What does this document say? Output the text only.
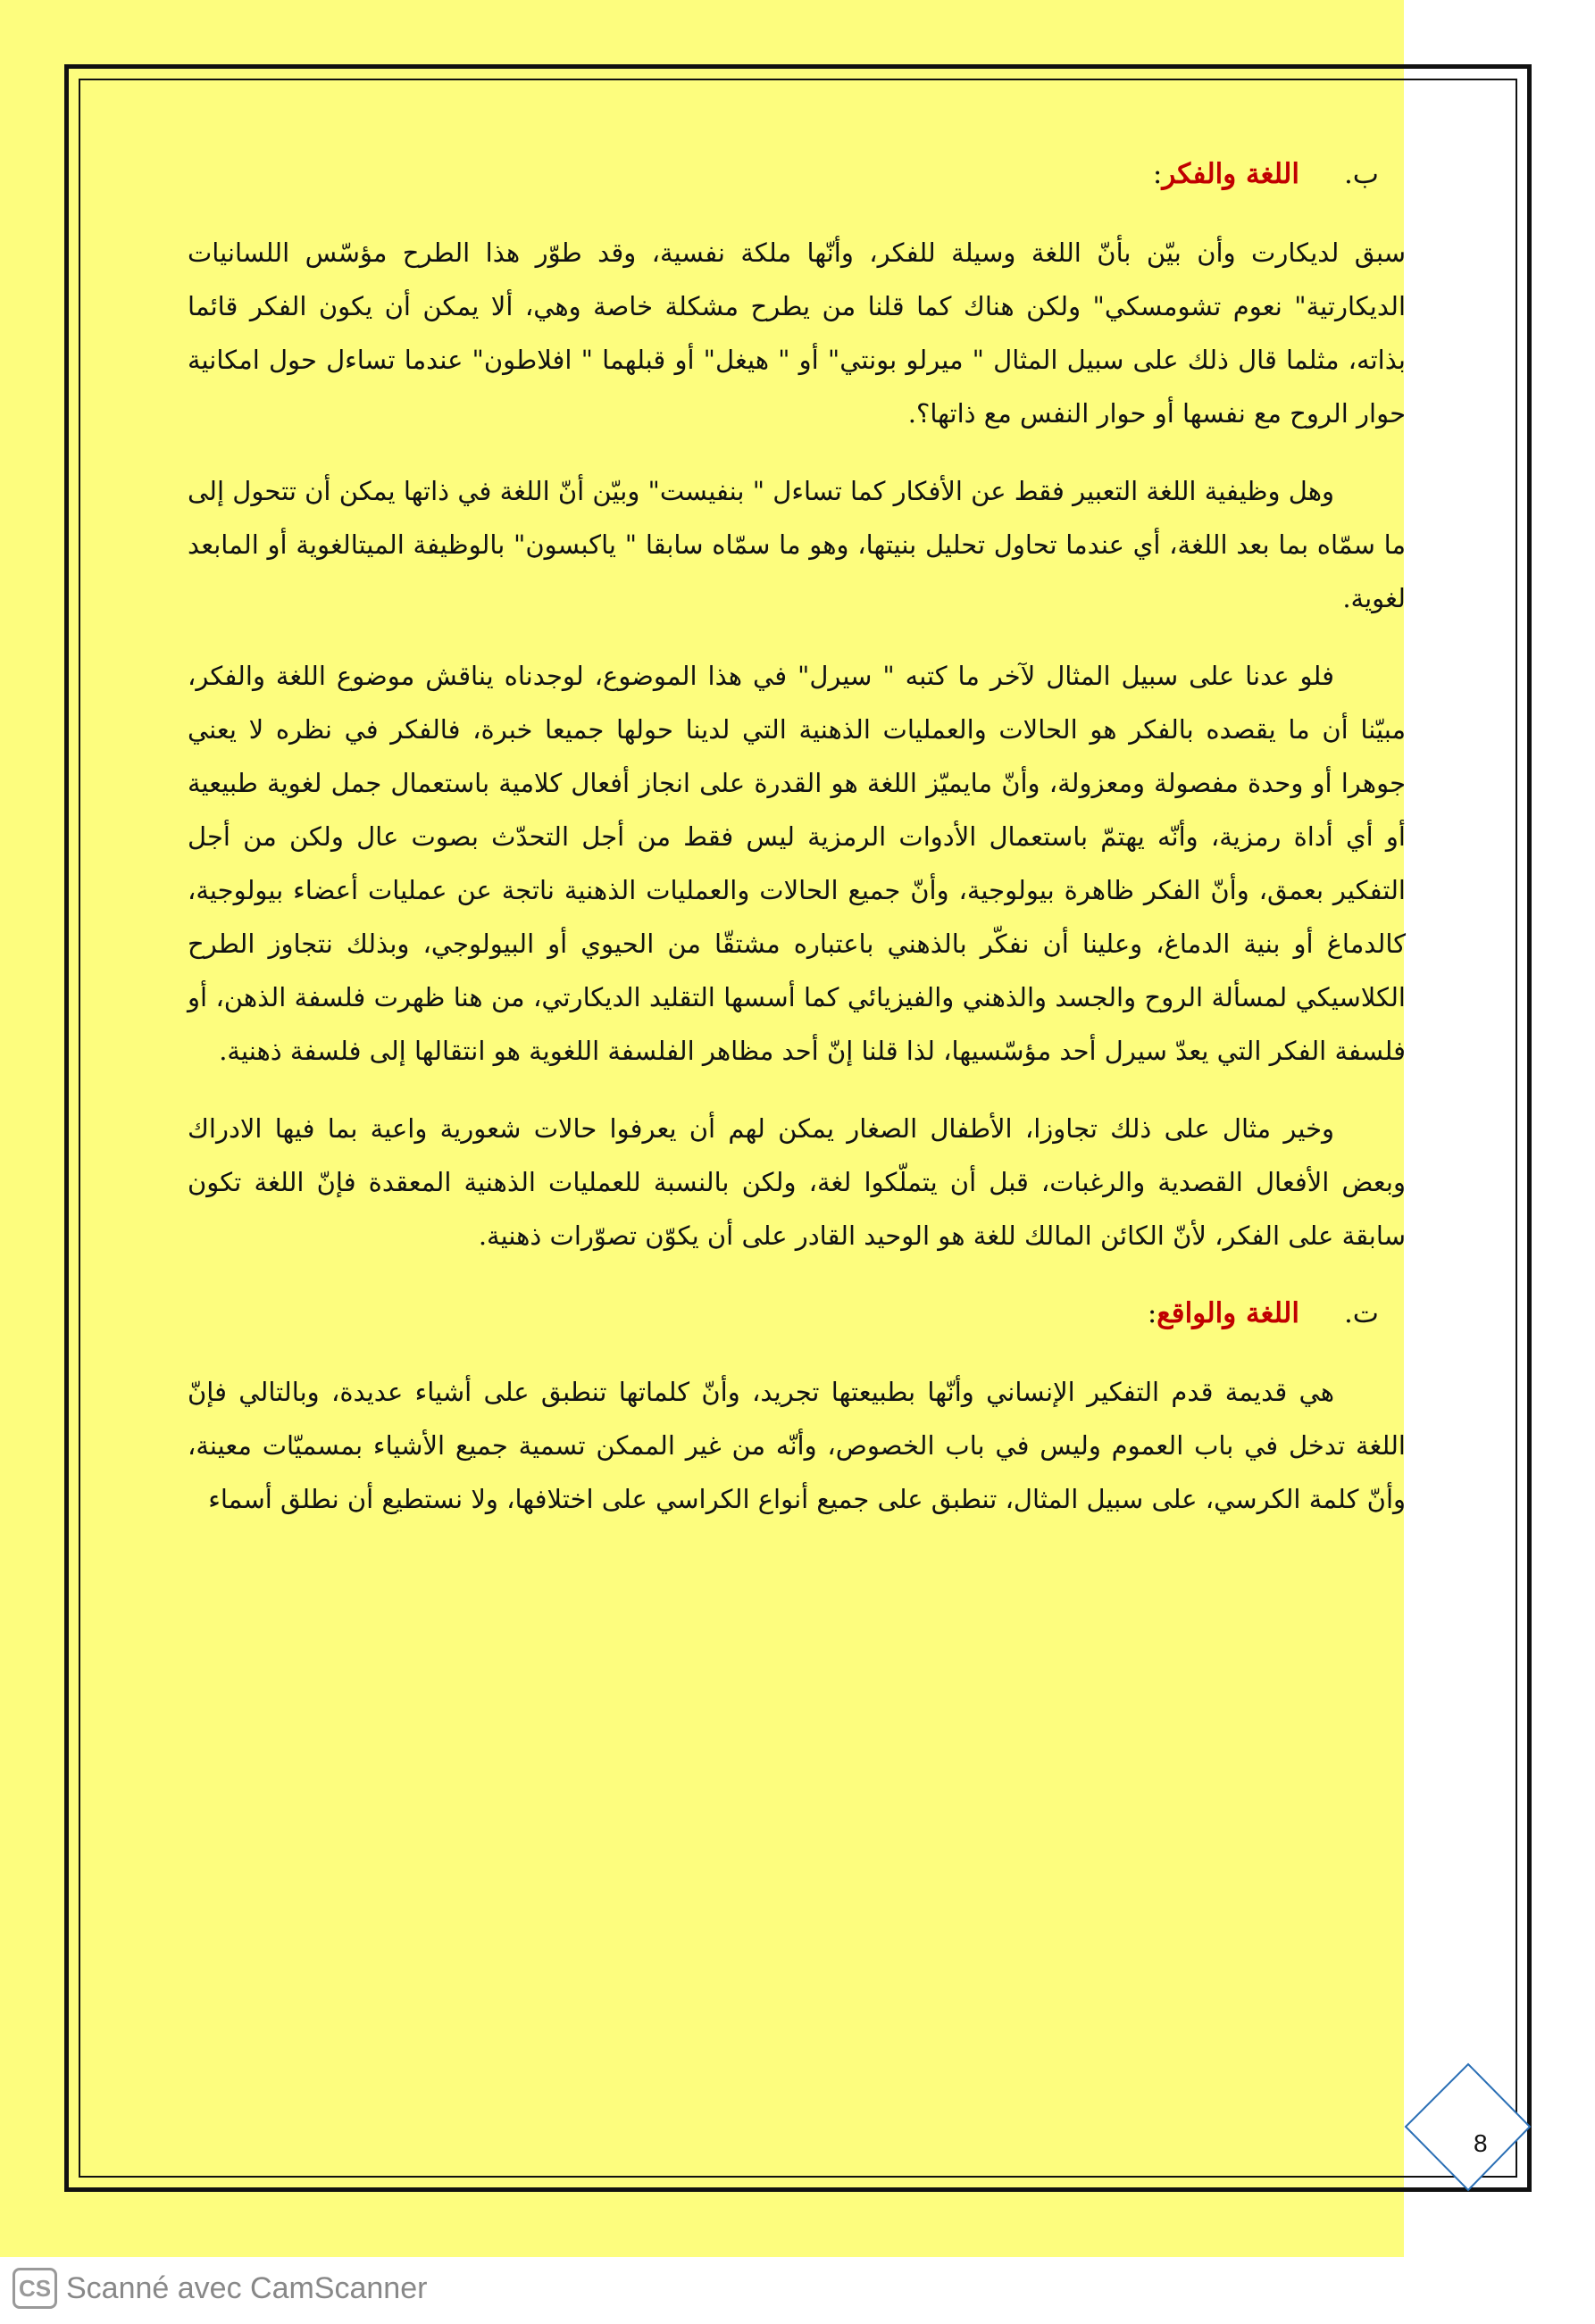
ب.اللغة والفكر:

سبق لديكارت وأن بيّن بأنّ اللغة وسيلة للفكر، وأنّها ملكة نفسية، وقد طوّر هذا الطرح مؤسّس اللسانيات الديكارتية" نعوم تشومسكي" ولكن هناك كما قلنا من يطرح مشكلة خاصة وهي، ألا يمكن أن يكون الفكر قائما بذاته، مثلما قال ذلك على سبيل المثال " ميرلو بونتي" أو " هيغل" أو قبلهما " افلاطون" عندما تساءل حول امكانية حوار الروح مع نفسها أو حوار النفس مع ذاتها؟.

وهل وظيفية اللغة التعبير فقط عن الأفكار كما تساءل " بنفيست" وبيّن أنّ اللغة في ذاتها يمكن أن تتحول إلى ما سمّاه بما بعد اللغة، أي عندما تحاول تحليل بنيتها، وهو ما سمّاه سابقا " ياكبسون" بالوظيفة الميتالغوية أو المابعد لغوية.

فلو عدنا على سبيل المثال لآخر ما كتبه " سيرل" في هذا الموضوع، لوجدناه يناقش موضوع اللغة والفكر، مبيّنا أن ما يقصده بالفكر هو الحالات والعمليات الذهنية التي لدينا حولها جميعا خبرة، فالفكر في نظره لا يعني جوهرا أو وحدة مفصولة ومعزولة، وأنّ مايميّز اللغة هو القدرة على انجاز أفعال كلامية باستعمال جمل لغوية طبيعية أو أي أداة رمزية، وأنّه يهتمّ باستعمال الأدوات الرمزية ليس فقط من أجل التحدّث بصوت عال ولكن من أجل التفكير بعمق، وأنّ الفكر ظاهرة بيولوجية، وأنّ جميع الحالات والعمليات الذهنية ناتجة عن عمليات أعضاء بيولوجية، كالدماغ أو بنية الدماغ، وعلينا أن نفكّر بالذهني باعتباره مشتقّا من الحيوي أو البيولوجي، وبذلك نتجاوز الطرح الكلاسيكي لمسألة الروح والجسد والذهني والفيزيائي كما أسسها التقليد الديكارتي، من هنا ظهرت فلسفة الذهن، أو فلسفة الفكر التي يعدّ سيرل أحد مؤسّسيها، لذا قلنا إنّ أحد مظاهر الفلسفة اللغوية هو انتقالها إلى فلسفة ذهنية.

وخير مثال على ذلك تجاوزا، الأطفال الصغار يمكن لهم أن يعرفوا حالات شعورية واعية بما فيها الادراك وبعض الأفعال القصدية والرغبات، قبل أن يتملّكوا لغة، ولكن بالنسبة للعمليات الذهنية المعقدة فإنّ اللغة تكون سابقة على الفكر، لأنّ الكائن المالك للغة هو الوحيد القادر على أن يكوّن تصوّرات ذهنية.

ت.اللغة والواقع:

هي قديمة قدم التفكير الإنساني وأنّها بطبيعتها تجريد، وأنّ كلماتها تنطبق على أشياء عديدة، وبالتالي فإنّ اللغة تدخل في باب العموم وليس في باب الخصوص، وأنّه من غير الممكن تسمية جميع الأشياء بمسميّات معينة، وأنّ كلمة الكرسي، على سبيل المثال، تنطبق على جميع أنواع الكراسي على اختلافها، ولا نستطيع أن نطلق أسماء

8
CS Scanné avec CamScanner
